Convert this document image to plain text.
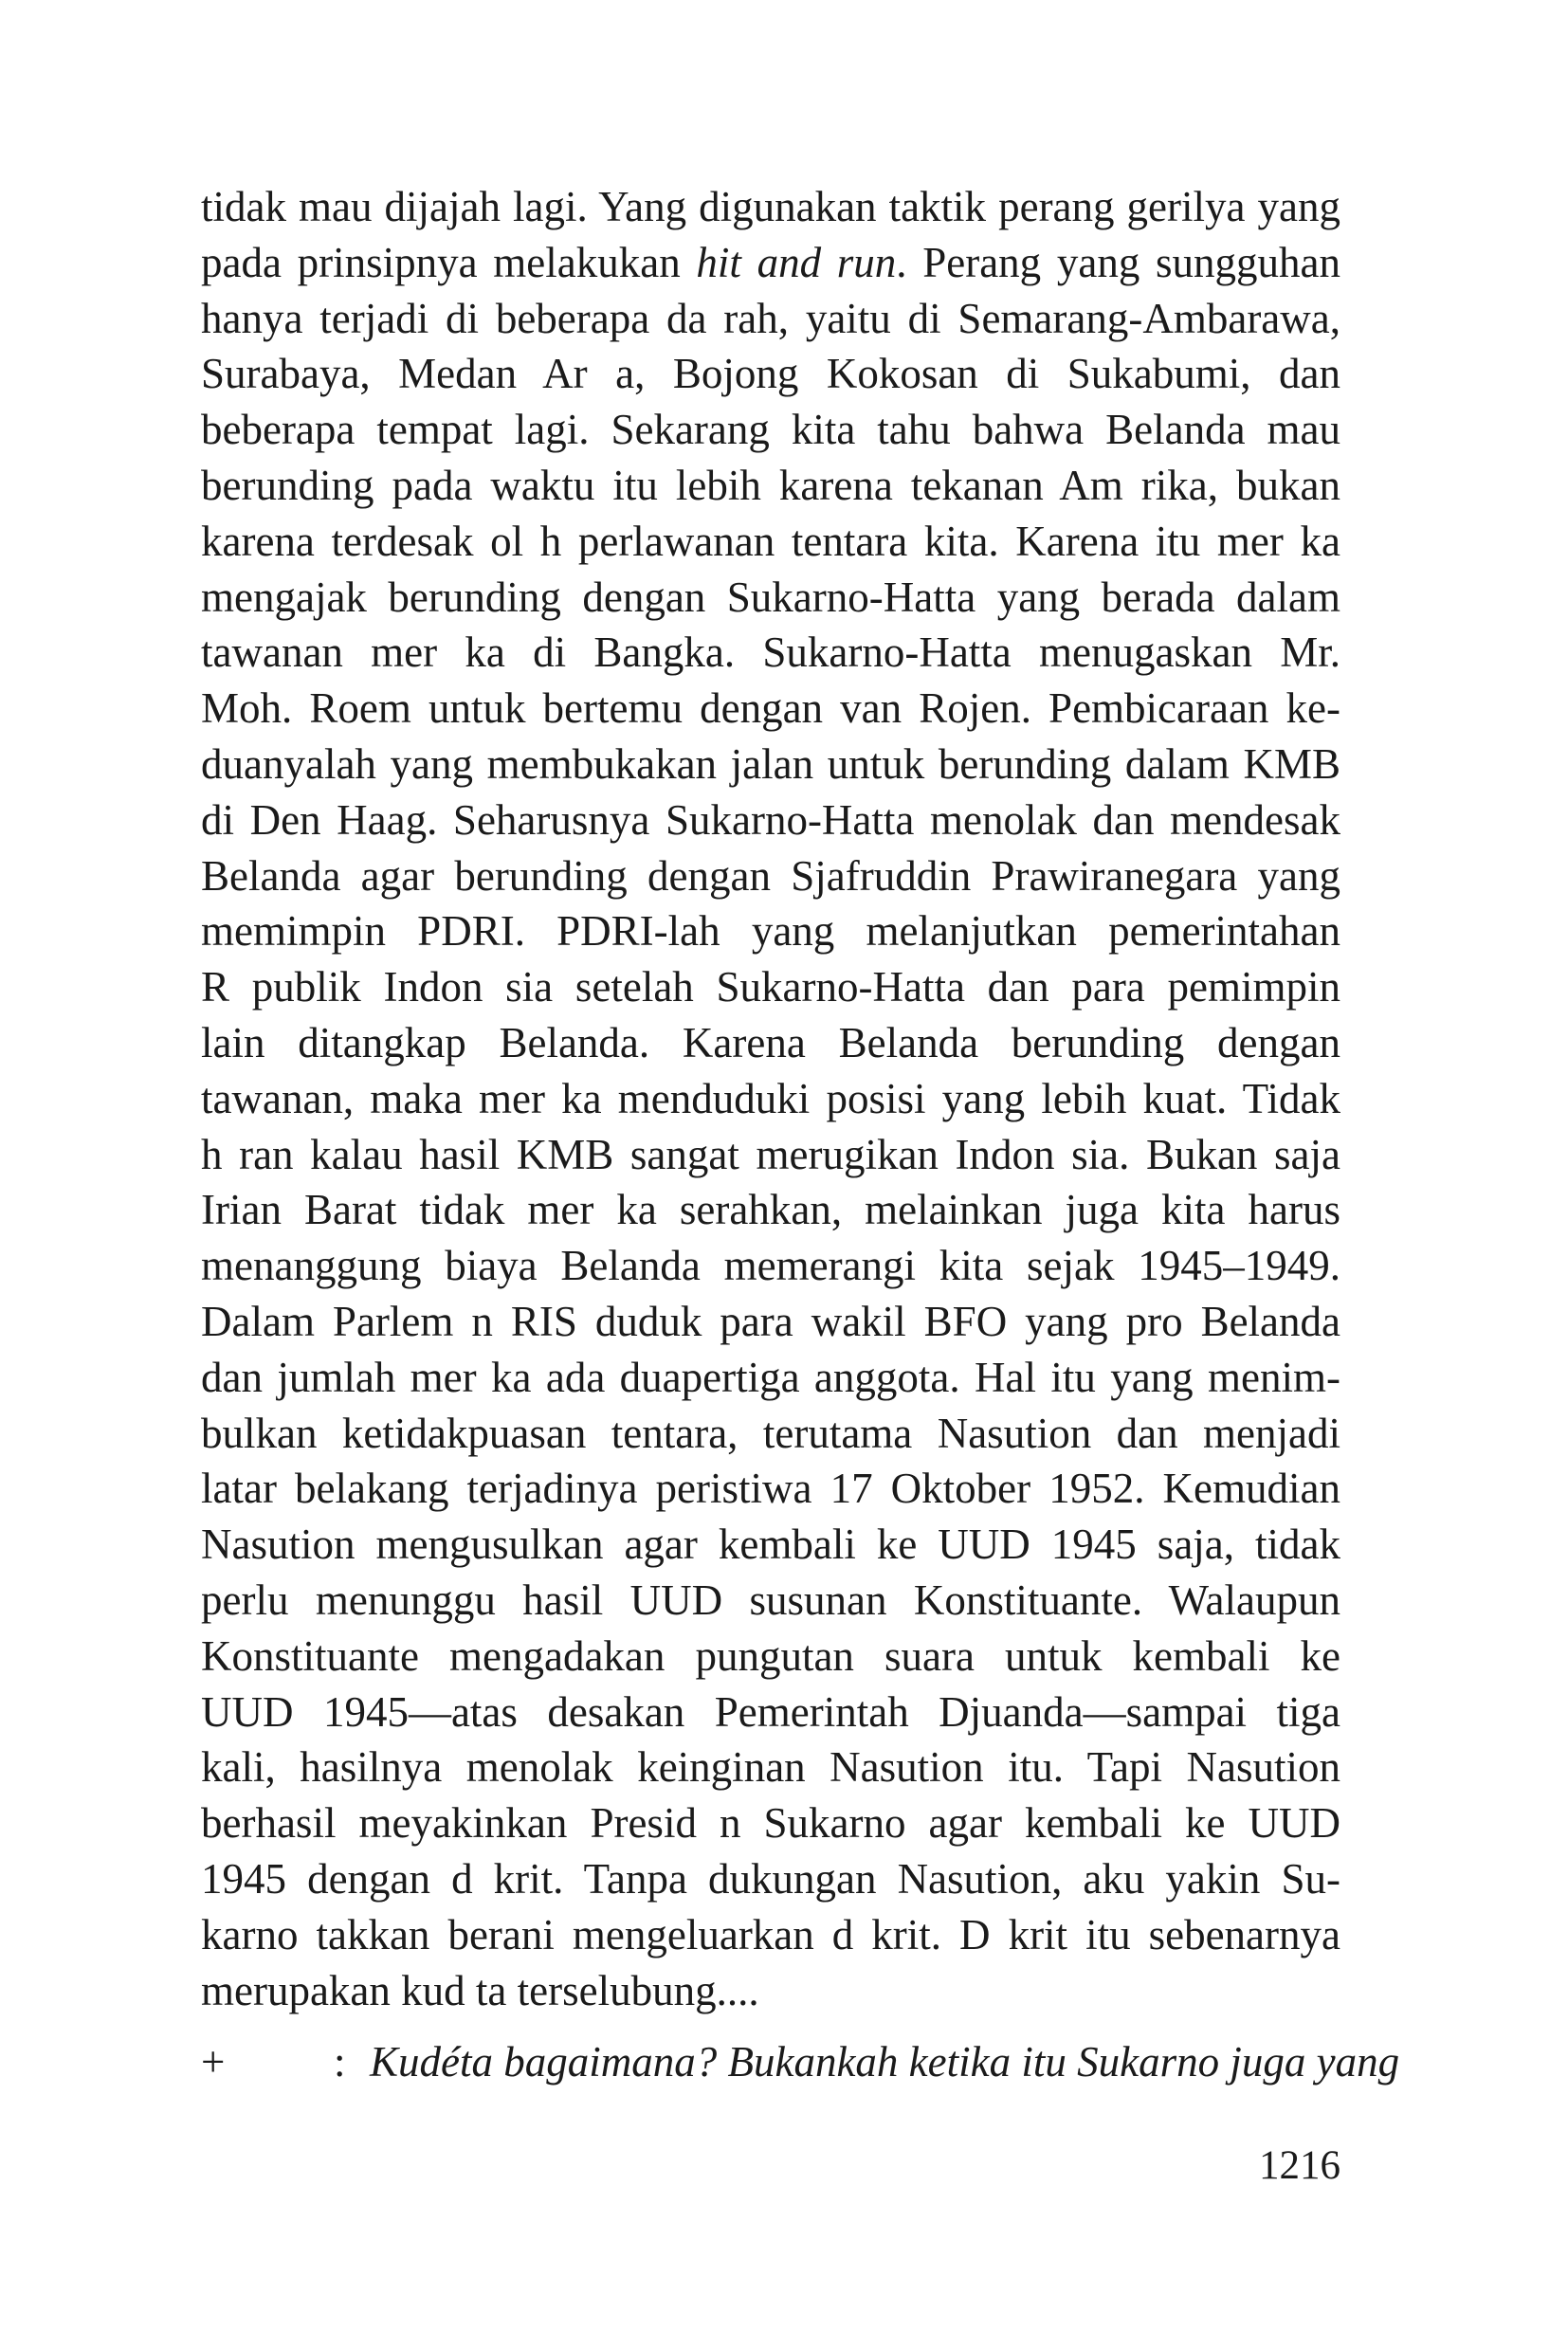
tidak mau dijajah lagi. Yang digunakan taktik perang gerilya yang
pada prinsipnya melakukan hit and run. Perang yang sungguhan
hanya terjadi di beberapa da rah, yaitu di Semarang-Ambarawa,
Surabaya, Medan Ar a, Bojong Kokosan di Sukabumi, dan
beberapa tempat lagi. Sekarang kita tahu bahwa Belanda mau
berunding pada waktu itu lebih karena tekanan Am rika, bukan
karena terdesak ol h perlawanan tentara kita. Karena itu mer ka
mengajak berunding dengan Sukarno-Hatta yang berada dalam
tawanan mer ka di Bangka. Sukarno-Hatta menugaskan Mr.
Moh. Roem untuk bertemu dengan van Rojen. Pembicaraan ke-
duanyalah yang membukakan jalan untuk berunding dalam KMB
di Den Haag. Seharusnya Sukarno-Hatta menolak dan mendesak
Belanda agar berunding dengan Sjafruddin Prawiranegara yang
memimpin PDRI. PDRI-lah yang melanjutkan pemerintahan
R publik Indon sia setelah Sukarno-Hatta dan para pemimpin
lain ditangkap Belanda. Karena Belanda berunding dengan
tawanan, maka mer ka menduduki posisi yang lebih kuat. Tidak
h ran kalau hasil KMB sangat merugikan Indon sia. Bukan saja
Irian Barat tidak mer ka serahkan, melainkan juga kita harus
menanggung biaya Belanda memerangi kita sejak 1945–1949.
Dalam Parlem n RIS duduk para wakil BFO yang pro Belanda
dan jumlah mer ka ada duapertiga anggota. Hal itu yang menim-
bulkan ketidakpuasan tentara, terutama Nasution dan menjadi
latar belakang terjadinya peristiwa 17 Oktober 1952. Kemudian
Nasution mengusulkan agar kembali ke UUD 1945 saja, tidak
perlu menunggu hasil UUD susunan Konstituante. Walaupun
Konstituante mengadakan pungutan suara untuk kembali ke
UUD 1945—atas desakan Pemerintah Djuanda—sampai tiga
kali, hasilnya menolak keinginan Nasution itu. Tapi Nasution
berhasil meyakinkan Presid n Sukarno agar kembali ke UUD
1945 dengan d krit. Tanpa dukungan Nasution, aku yakin Su-
karno takkan berani mengeluarkan d krit. D krit itu sebenarnya
merupakan kud ta terselubung....
+	: Kudéta bagaimana? Bukankah ketika itu Sukarno juga yang
1216
